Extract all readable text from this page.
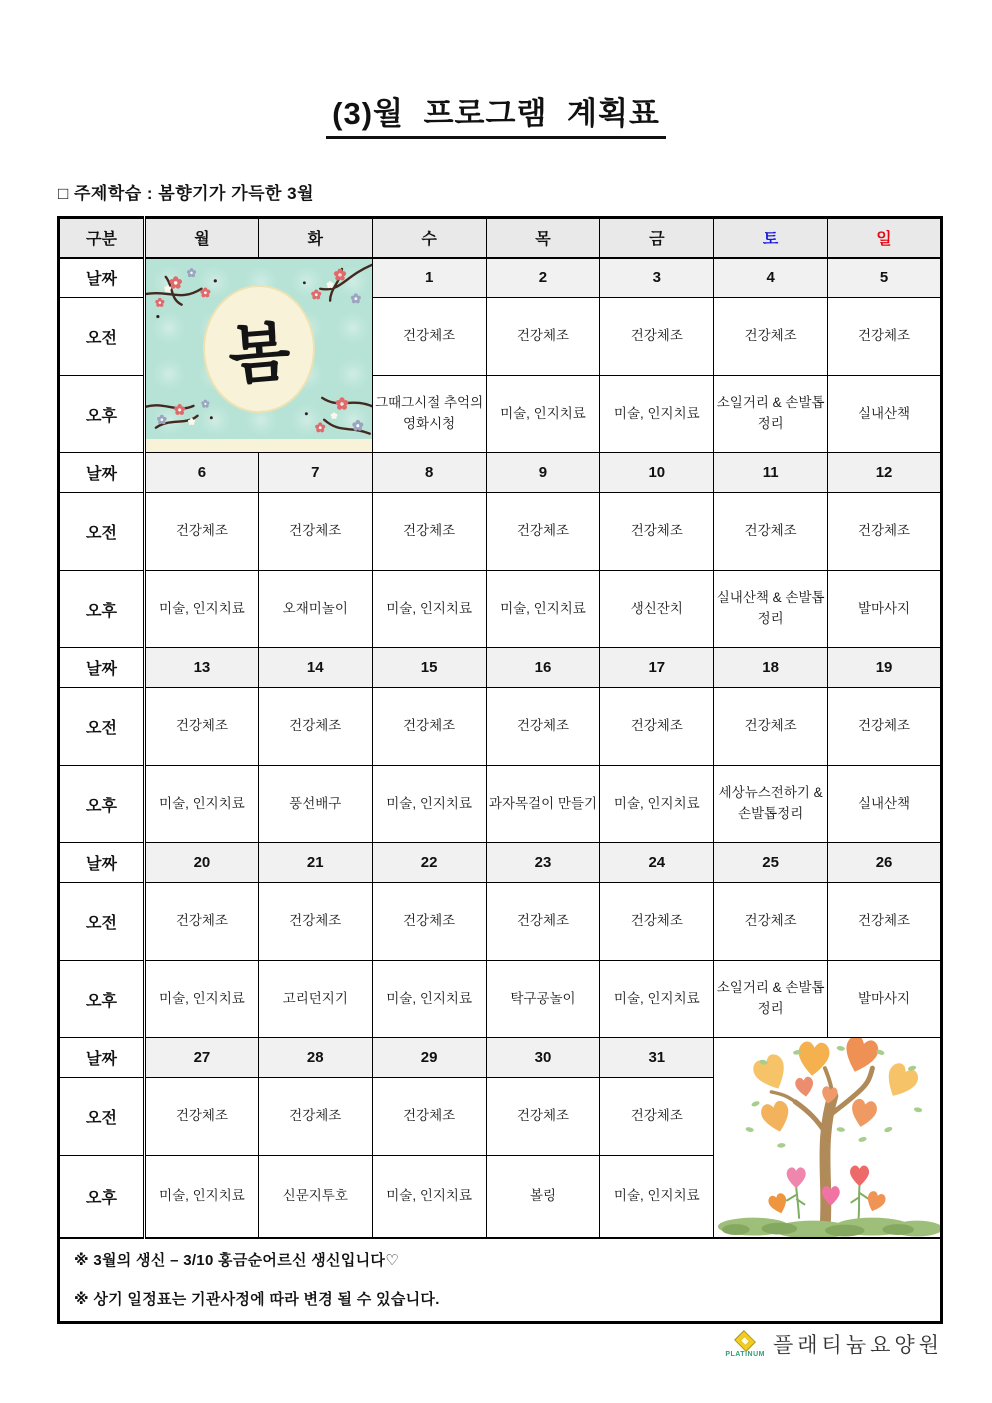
(3)월 프로그램 계획표
□ 주제학습 : 봄향기가 가득한 3월
구분	월	화	수	목	금	토	일
날짜	봄		1	2	3	4	5
오전			건강체조	건강체조	건강체조	건강체조	건강체조
오후			그때그시절 추억의영화시청	미술, 인지치료	미술, 인지치료	소일거리 & 손발톱정리	실내산책
날짜	6	7	8	9	10	11	12
오전	건강체조	건강체조	건강체조	건강체조	건강체조	건강체조	건강체조
오후	미술, 인지치료	오재미놀이	미술, 인지치료	미술, 인지치료	생신잔치	실내산책 & 손발톱정리	발마사지
날짜	13	14	15	16	17	18	19
오전	건강체조	건강체조	건강체조	건강체조	건강체조	건강체조	건강체조
오후	미술, 인지치료	풍선배구	미술, 인지치료	과자목걸이 만들기	미술, 인지치료	세상뉴스전하기 & 손발톱정리	실내산책
날짜	20	21	22	23	24	25	26
오전	건강체조	건강체조	건강체조	건강체조	건강체조	건강체조	건강체조
오후	미술, 인지치료	고리던지기	미술, 인지치료	탁구공놀이	미술, 인지치료	소일거리 & 손발톱정리	발마사지
날짜	27	28	29	30	31	

오전	건강체조	건강체조	건강체조	건강체조	건강체조		
오후	미술, 인지치료	신문지투호	미술, 인지치료	볼링	미술, 인지치료		

※ 3월의 생신 – 3/10 홍금순어르신 생신입니다♡

※ 상기 일정표는 기관사정에 따라 변경 될 수 있습니다.							

PLATINUM 플래티늄요양원
